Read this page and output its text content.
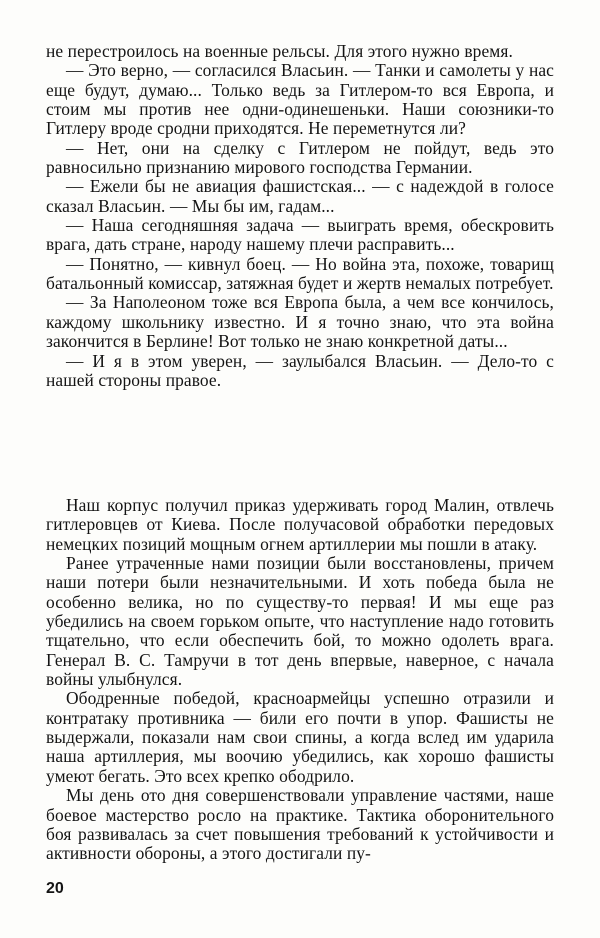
не перестроилось на военные рельсы. Для этого нужно время.

— Это верно, — согласился Власьин. — Танки и самолеты у нас еще будут, думаю... Только ведь за Гитлером-то вся Европа, и стоим мы против нее одни-одинешеньки. Наши союзники-то Гитлеру вроде сродни приходятся. Не переметнутся ли?

— Нет, они на сделку с Гитлером не пойдут, ведь это равносильно признанию мирового господства Германии.

— Ежели бы не авиация фашистская... — с надеждой в голосе сказал Власьин. — Мы бы им, гадам...

— Наша сегодняшняя задача — выиграть время, обескровить врага, дать стране, народу нашему плечи расправить...

— Понятно, — кивнул боец. — Но война эта, похоже, товарищ батальонный комиссар, затяжная будет и жертв немалых потребует.

— За Наполеоном тоже вся Европа была, а чем все кончилось, каждому школьнику известно. И я точно знаю, что эта война закончится в Берлине! Вот только не знаю конкретной даты...

— И я в этом уверен, — заулыбался Власьин. — Дело-то с нашей стороны правое.

Наш корпус получил приказ удерживать город Малин, отвлечь гитлеровцев от Киева. После получасовой обработки передовых немецких позиций мощным огнем артиллерии мы пошли в атаку.

Ранее утраченные нами позиции были восстановлены, причем наши потери были незначительными. И хоть победа была не особенно велика, но по существу-то первая! И мы еще раз убедились на своем горьком опыте, что наступление надо готовить тщательно, что если обеспечить бой, то можно одолеть врага. Генерал В. С. Тамручи в тот день впервые, наверное, с начала войны улыбнулся.

Ободренные победой, красноармейцы успешно отразили и контратаку противника — били его почти в упор. Фашисты не выдержали, показали нам свои спины, а когда вслед им ударила наша артиллерия, мы воочию убедились, как хорошо фашисты умеют бегать. Это всех крепко ободрило.

Мы день ото дня совершенствовали управление частями, наше боевое мастерство росло на практике. Тактика оборонительного боя развивалась за счет повышения требований к устойчивости и активности обороны, а этого достигали пу-

20
